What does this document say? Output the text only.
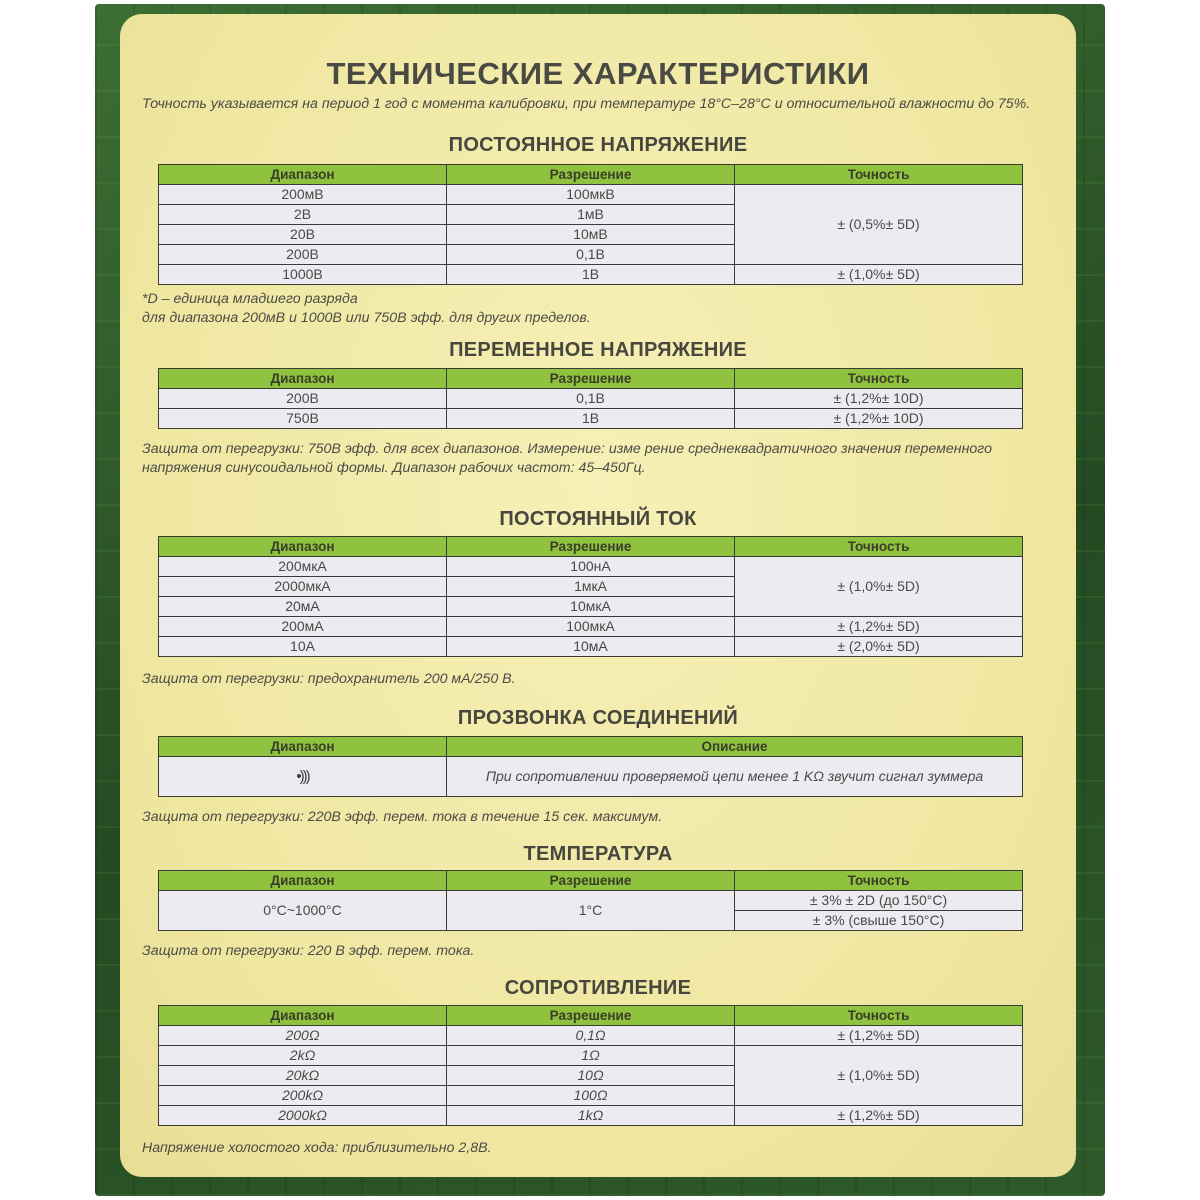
ТЕХНИЧЕСКИЕ ХАРАКТЕРИСТИКИ
Точность указывается на период 1 год с момента калибровки, при температуре 18°C–28°C и относительной влажности до 75%.
ПОСТОЯННОЕ НАПРЯЖЕНИЕ
Диапазон	Разрешение	Точность
200мВ	100мкВ	± (0,5%± 5D)
2В	1мВ	
20В	10мВ	
200В	0,1В	
1000В	1В	± (1,0%± 5D)
*D – единица младшего разряда
для диапазона 200мВ и 1000В или 750В эфф. для других пределов.
ПЕРЕМЕННОЕ НАПРЯЖЕНИЕ
Диапазон	Разрешение	Точность
200В	0,1В	± (1,2%± 10D)
750В	1В	± (1,2%± 10D)
Защита от перегрузки: 750В эфф. для всех диапазонов. Измерение: изме рение среднеквадратичного значения переменного
напряжения синусоидальной формы. Диапазон рабочих частот: 45–450Гц.
ПОСТОЯННЫЙ ТОК
Диапазон	Разрешение	Точность
200мкА	100нА	± (1,0%± 5D)
2000мкА	1мкА	
20мА	10мкА	
200мА	100мкА	± (1,2%± 5D)
10А	10мА	± (2,0%± 5D)
Защита от перегрузки: предохранитель 200 мА/250 В.
ПРОЗВОНКА СОЕДИНЕНИЙ
Диапазон	Описание
•)))	При сопротивлении проверяемой цепи менее 1 KΩ звучит сигнал зуммера
Защита от перегрузки: 220В эфф. перем. тока в течение 15 сек. максимум.
ТЕМПЕРАТУРА
Диапазон	Разрешение	Точность
0°C~1000°C	1°C	± 3% ± 2D (до 150°C)
		± 3% (свыше 150°C)
Защита от перегрузки: 220 В эфф. перем. тока.
СОПРОТИВЛЕНИЕ
Диапазон	Разрешение	Точность
200Ω	0,1Ω	± (1,2%± 5D)
2kΩ	1Ω	± (1,0%± 5D)
20kΩ	10Ω	
200kΩ	100Ω	
2000kΩ	1kΩ	± (1,2%± 5D)
Напряжение холостого хода: приблизительно 2,8В.
